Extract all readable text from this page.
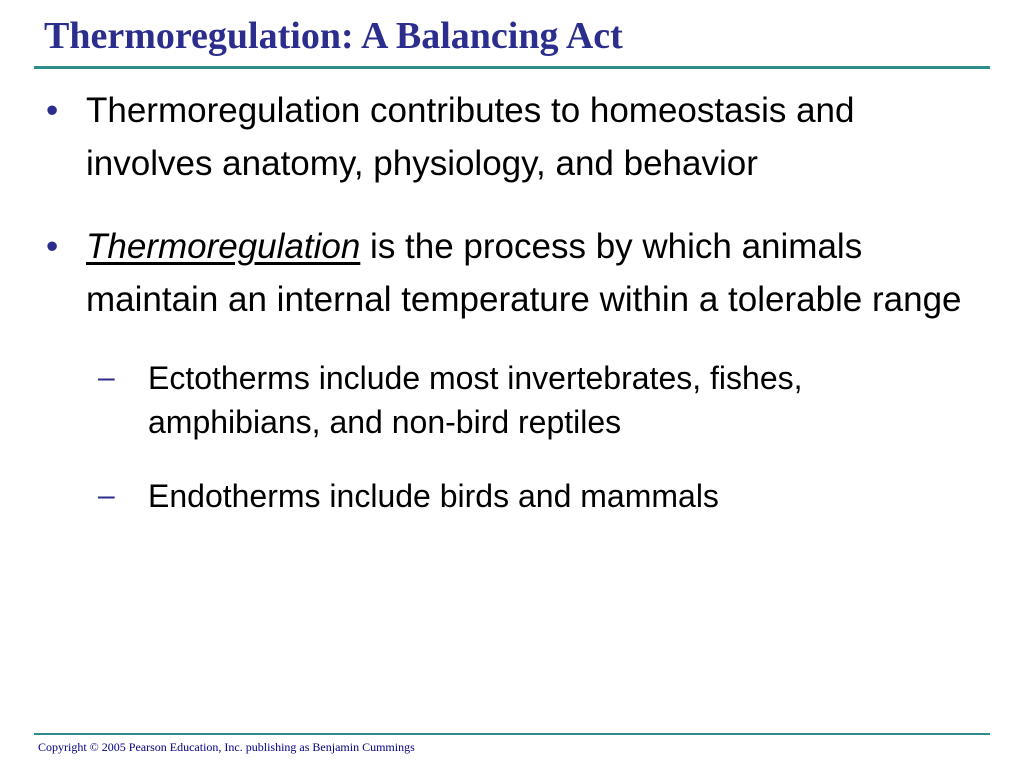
Thermoregulation: A Balancing Act
• Thermoregulation contributes to homeostasis and involves anatomy, physiology, and behavior
• Thermoregulation is the process by which animals maintain an internal temperature within a tolerable range
– Ectotherms include most invertebrates, fishes, amphibians, and non-bird reptiles
– Endotherms include birds and mammals
Copyright © 2005 Pearson Education, Inc. publishing as Benjamin Cummings
